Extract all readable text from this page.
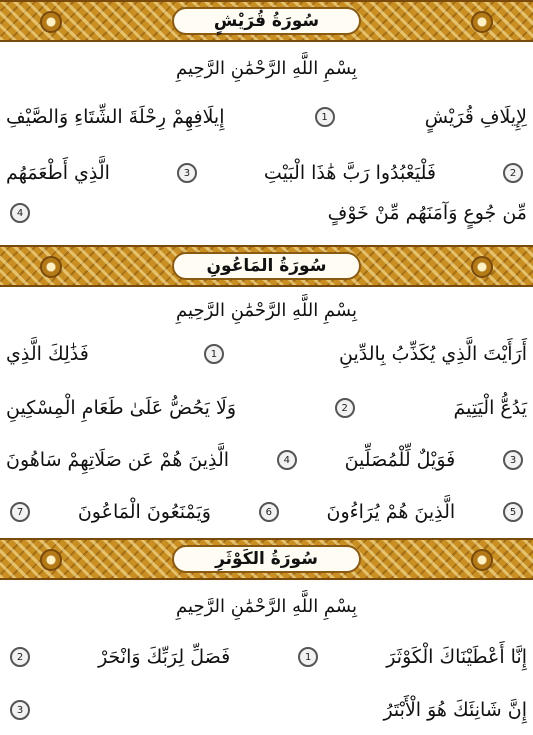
سُورَةُ قُرَيْشٍ
بِسْمِ اللَّهِ الرَّحْمَٰنِ الرَّحِيمِ
لِإِيلَافِ قُرَيْشٍ
1
إِيلَافِهِمْ رِحْلَةَ الشِّتَاءِ وَالصَّيْفِ
2
فَلْيَعْبُدُوا رَبَّ هَٰذَا الْبَيْتِ
3
الَّذِي أَطْعَمَهُم
مِّن جُوعٍ وَآمَنَهُم مِّنْ خَوْفٍ
4
سُورَةُ المَاعُونِ
بِسْمِ اللَّهِ الرَّحْمَٰنِ الرَّحِيمِ
أَرَأَيْتَ الَّذِي يُكَذِّبُ بِالدِّينِ
1
فَذَٰلِكَ الَّذِي
يَدُعُّ الْيَتِيمَ
2
وَلَا يَحُضُّ عَلَىٰ طَعَامِ الْمِسْكِينِ
3
فَوَيْلٌ لِّلْمُصَلِّينَ
4
الَّذِينَ هُمْ عَن صَلَاتِهِمْ سَاهُونَ
5
الَّذِينَ هُمْ يُرَاءُونَ
6
وَيَمْنَعُونَ الْمَاعُونَ
7
سُورَةُ الكَوْثَرِ
بِسْمِ اللَّهِ الرَّحْمَٰنِ الرَّحِيمِ
إِنَّا أَعْطَيْنَاكَ الْكَوْثَرَ
1
فَصَلِّ لِرَبِّكَ وَانْحَرْ
2
إِنَّ شَانِئَكَ هُوَ الْأَبْتَرُ
3
